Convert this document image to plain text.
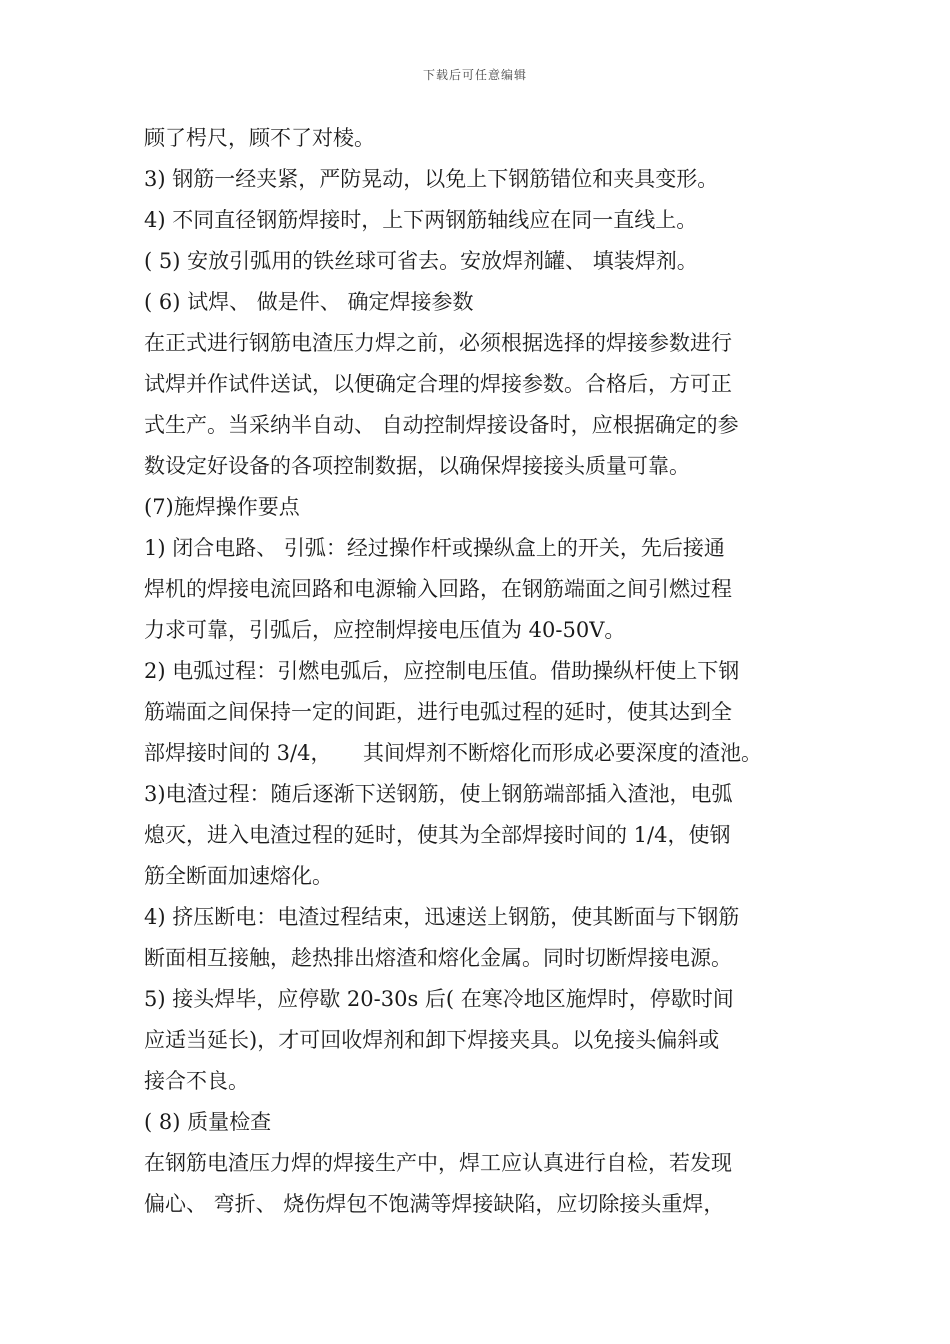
下载后可任意编辑
顾了枵尺，顾不了对棱。
3) 钢筋一经夹紧，严防晃动，以免上下钢筋错位和夹具变形。
4) 不同直径钢筋焊接时，上下两钢筋轴线应在同一直线上。
( 5) 安放引弧用的铁丝球可省去。安放焊剂罐、 填装焊剂。
( 6) 试焊、 做是件、 确定焊接参数
在正式进行钢筋电渣压力焊之前，必须根据选择的焊接参数进行
试焊并作试件送试，以便确定合理的焊接参数。合格后，方可正
式生产。当采纳半自动、 自动控制焊接设备时，应根据确定的参
数设定好设备的各项控制数据，以确保焊接接头质量可靠。
(7)施焊操作要点
1) 闭合电路、 引弧：经过操作杆或操纵盒上的开关，先后接通
焊机的焊接电流回路和电源输入回路，在钢筋端面之间引燃过程
力求可靠，引弧后，应控制焊接电压值为 40-50V。
2) 电弧过程：引燃电弧后，应控制电压值。借助操纵杆使上下钢
筋端面之间保持一定的间距，进行电弧过程的延时，使其达到全
部焊接时间的 3/4，　　其间焊剂不断熔化而形成必要深度的渣池。
3)电渣过程：随后逐渐下送钢筋，使上钢筋端部插入渣池，电弧
熄灭，进入电渣过程的延时，使其为全部焊接时间的 1/4，使钢
筋全断面加速熔化。
4) 挤压断电：电渣过程结束，迅速送上钢筋，使其断面与下钢筋
断面相互接触，趁热排出熔渣和熔化金属。同时切断焊接电源。
5) 接头焊毕，应停歇 20-30s 后( 在寒冷地区施焊时，停歇时间
应适当延长)，才可回收焊剂和卸下焊接夹具。以免接头偏斜或
接合不良。
( 8) 质量检查
在钢筋电渣压力焊的焊接生产中，焊工应认真进行自检，若发现
偏心、 弯折、 烧伤焊包不饱满等焊接缺陷，应切除接头重焊，
